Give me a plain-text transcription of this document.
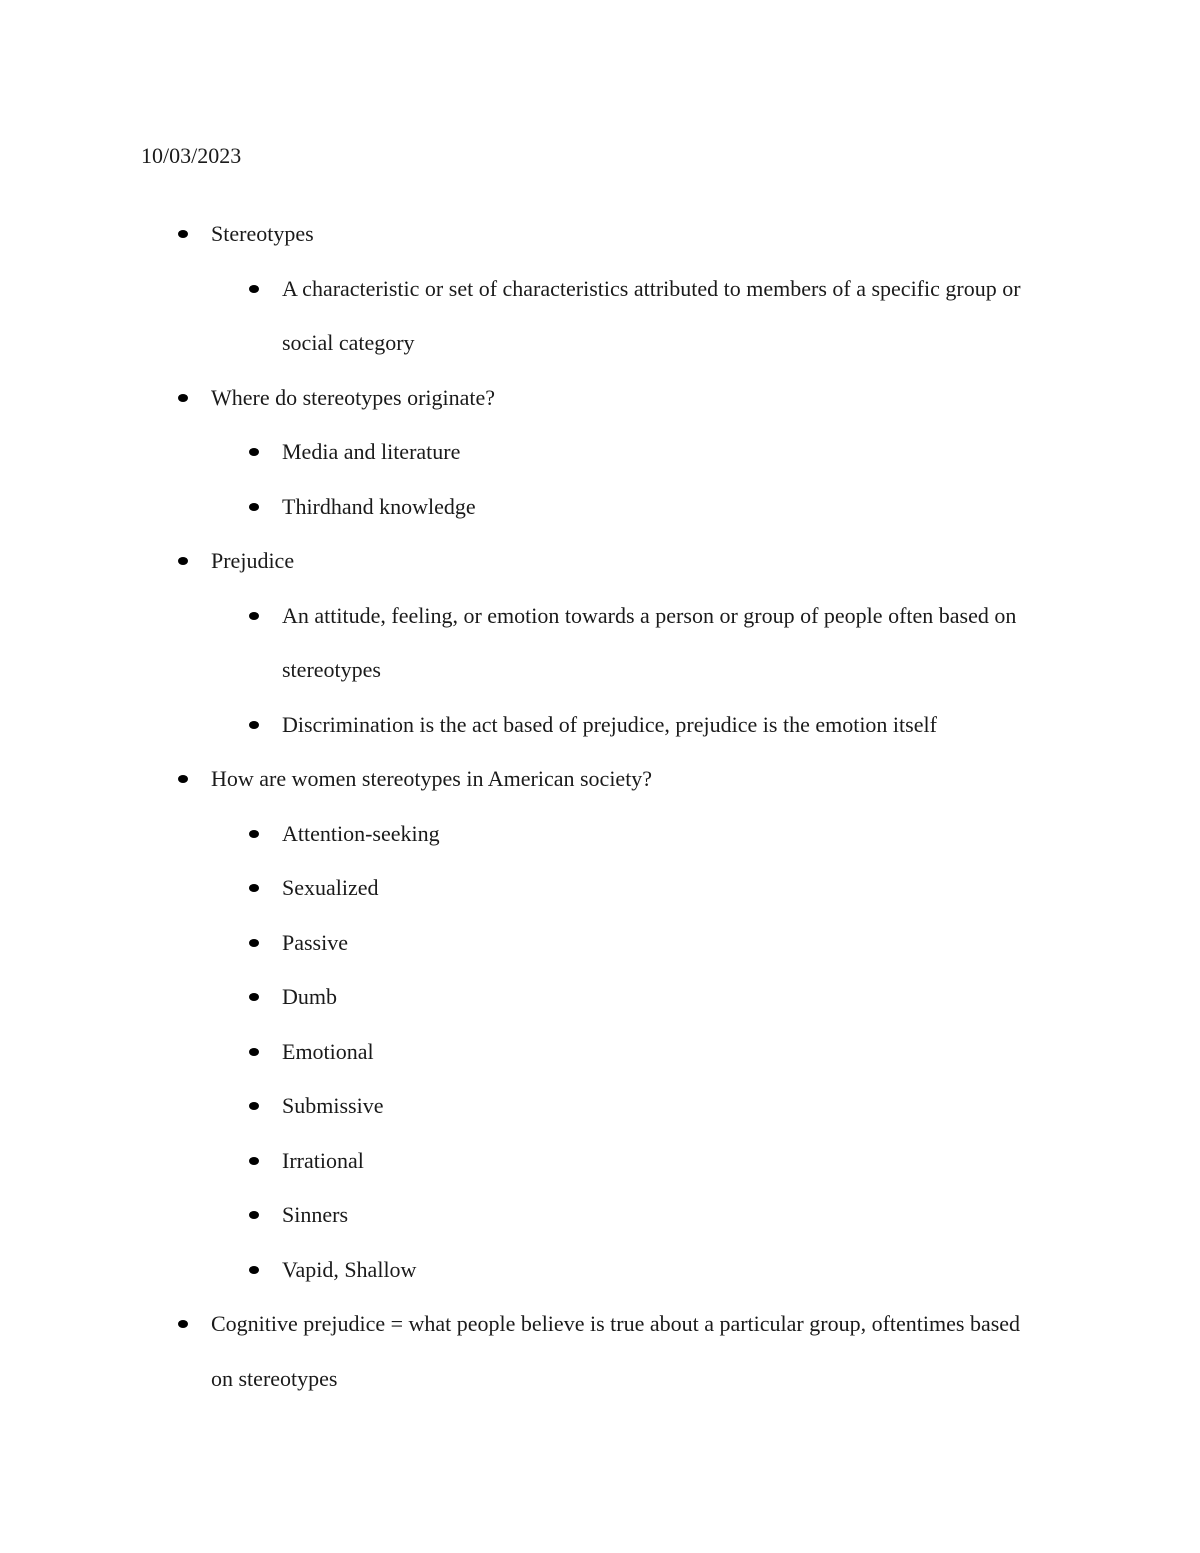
10/03/2023

Stereotypes
A characteristic or set of characteristics attributed to members of a specific group or social category
Where do stereotypes originate?
Media and literature
Thirdhand knowledge
Prejudice
An attitude, feeling, or emotion towards a person or group of people often based on stereotypes
Discrimination is the act based of prejudice, prejudice is the emotion itself
How are women stereotypes in American society?
Attention-seeking
Sexualized
Passive
Dumb
Emotional
Submissive
Irrational
Sinners
Vapid, Shallow
Cognitive prejudice = what people believe is true about a particular group, oftentimes based on stereotypes
